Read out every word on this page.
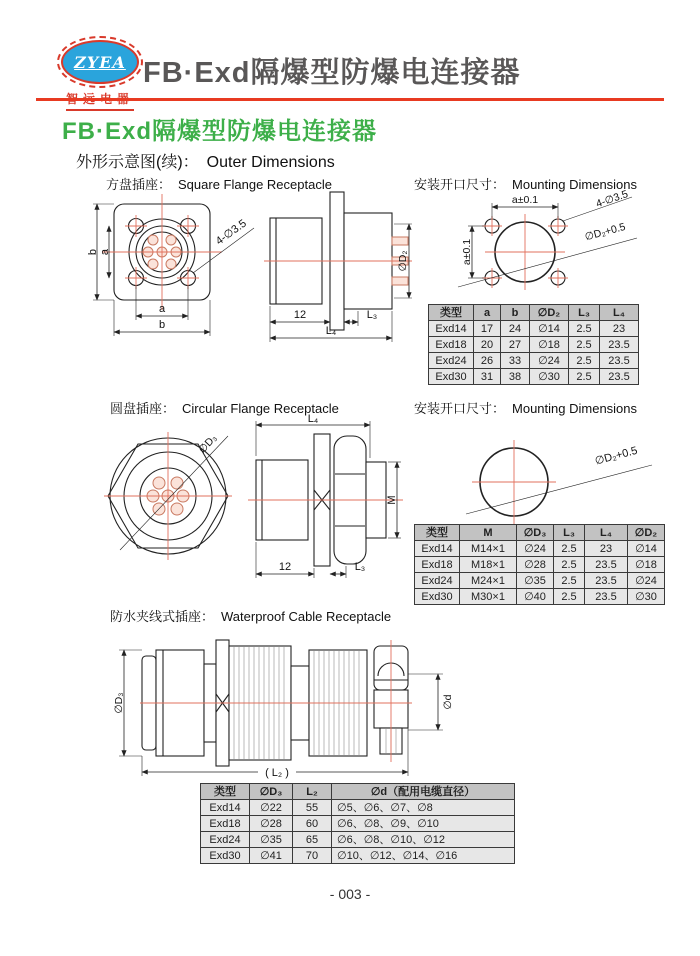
ZYEA FB·Exd隔爆型防爆电连接器
FB·Exd隔爆型防爆电连接器
外形示意图(续)： Outer Dimensions
方盘插座： Square Flange Receptacle	安装开口尺寸： Mounting Dimensions
b a
a
b
4-∅3.5
∅D₂
12	L₃
L₄
a±0.1
a±0.1
4-∅3.5
∅D₂+0.5
类型	a	b	∅D₂	L₃	L₄
Exd14	17	24	∅14	2.5	23
Exd18	20	27	∅18	2.5	23.5
Exd24	26	33	∅24	2.5	23.5
Exd30	31	38	∅30	2.5	23.5
圆盘插座： Circular Flange Receptacle	安装开口尺寸： Mounting Dimensions
∅D₃
L₄
M
12	L₃
∅D₂+0.5
类型	M	∅D₃	L₃	L₄	∅D₂
Exd14	M14×1	∅24	2.5	23	∅14
Exd18	M18×1	∅28	2.5	23.5	∅18
Exd24	M24×1	∅35	2.5	23.5	∅24
Exd30	M30×1	∅40	2.5	23.5	∅30
防水夹线式插座： Waterproof Cable Receptacle
∅D₃	∅d
( L₂ )
类型	∅D₃	L₂	∅d（配用电缆直径）
Exd14	∅22	55	∅5、∅6、∅7、∅8
Exd18	∅28	60	∅6、∅8、∅9、∅10
Exd24	∅35	65	∅6、∅8、∅10、∅12
Exd30	∅41	70	∅10、∅12、∅14、∅16
- 003 -
